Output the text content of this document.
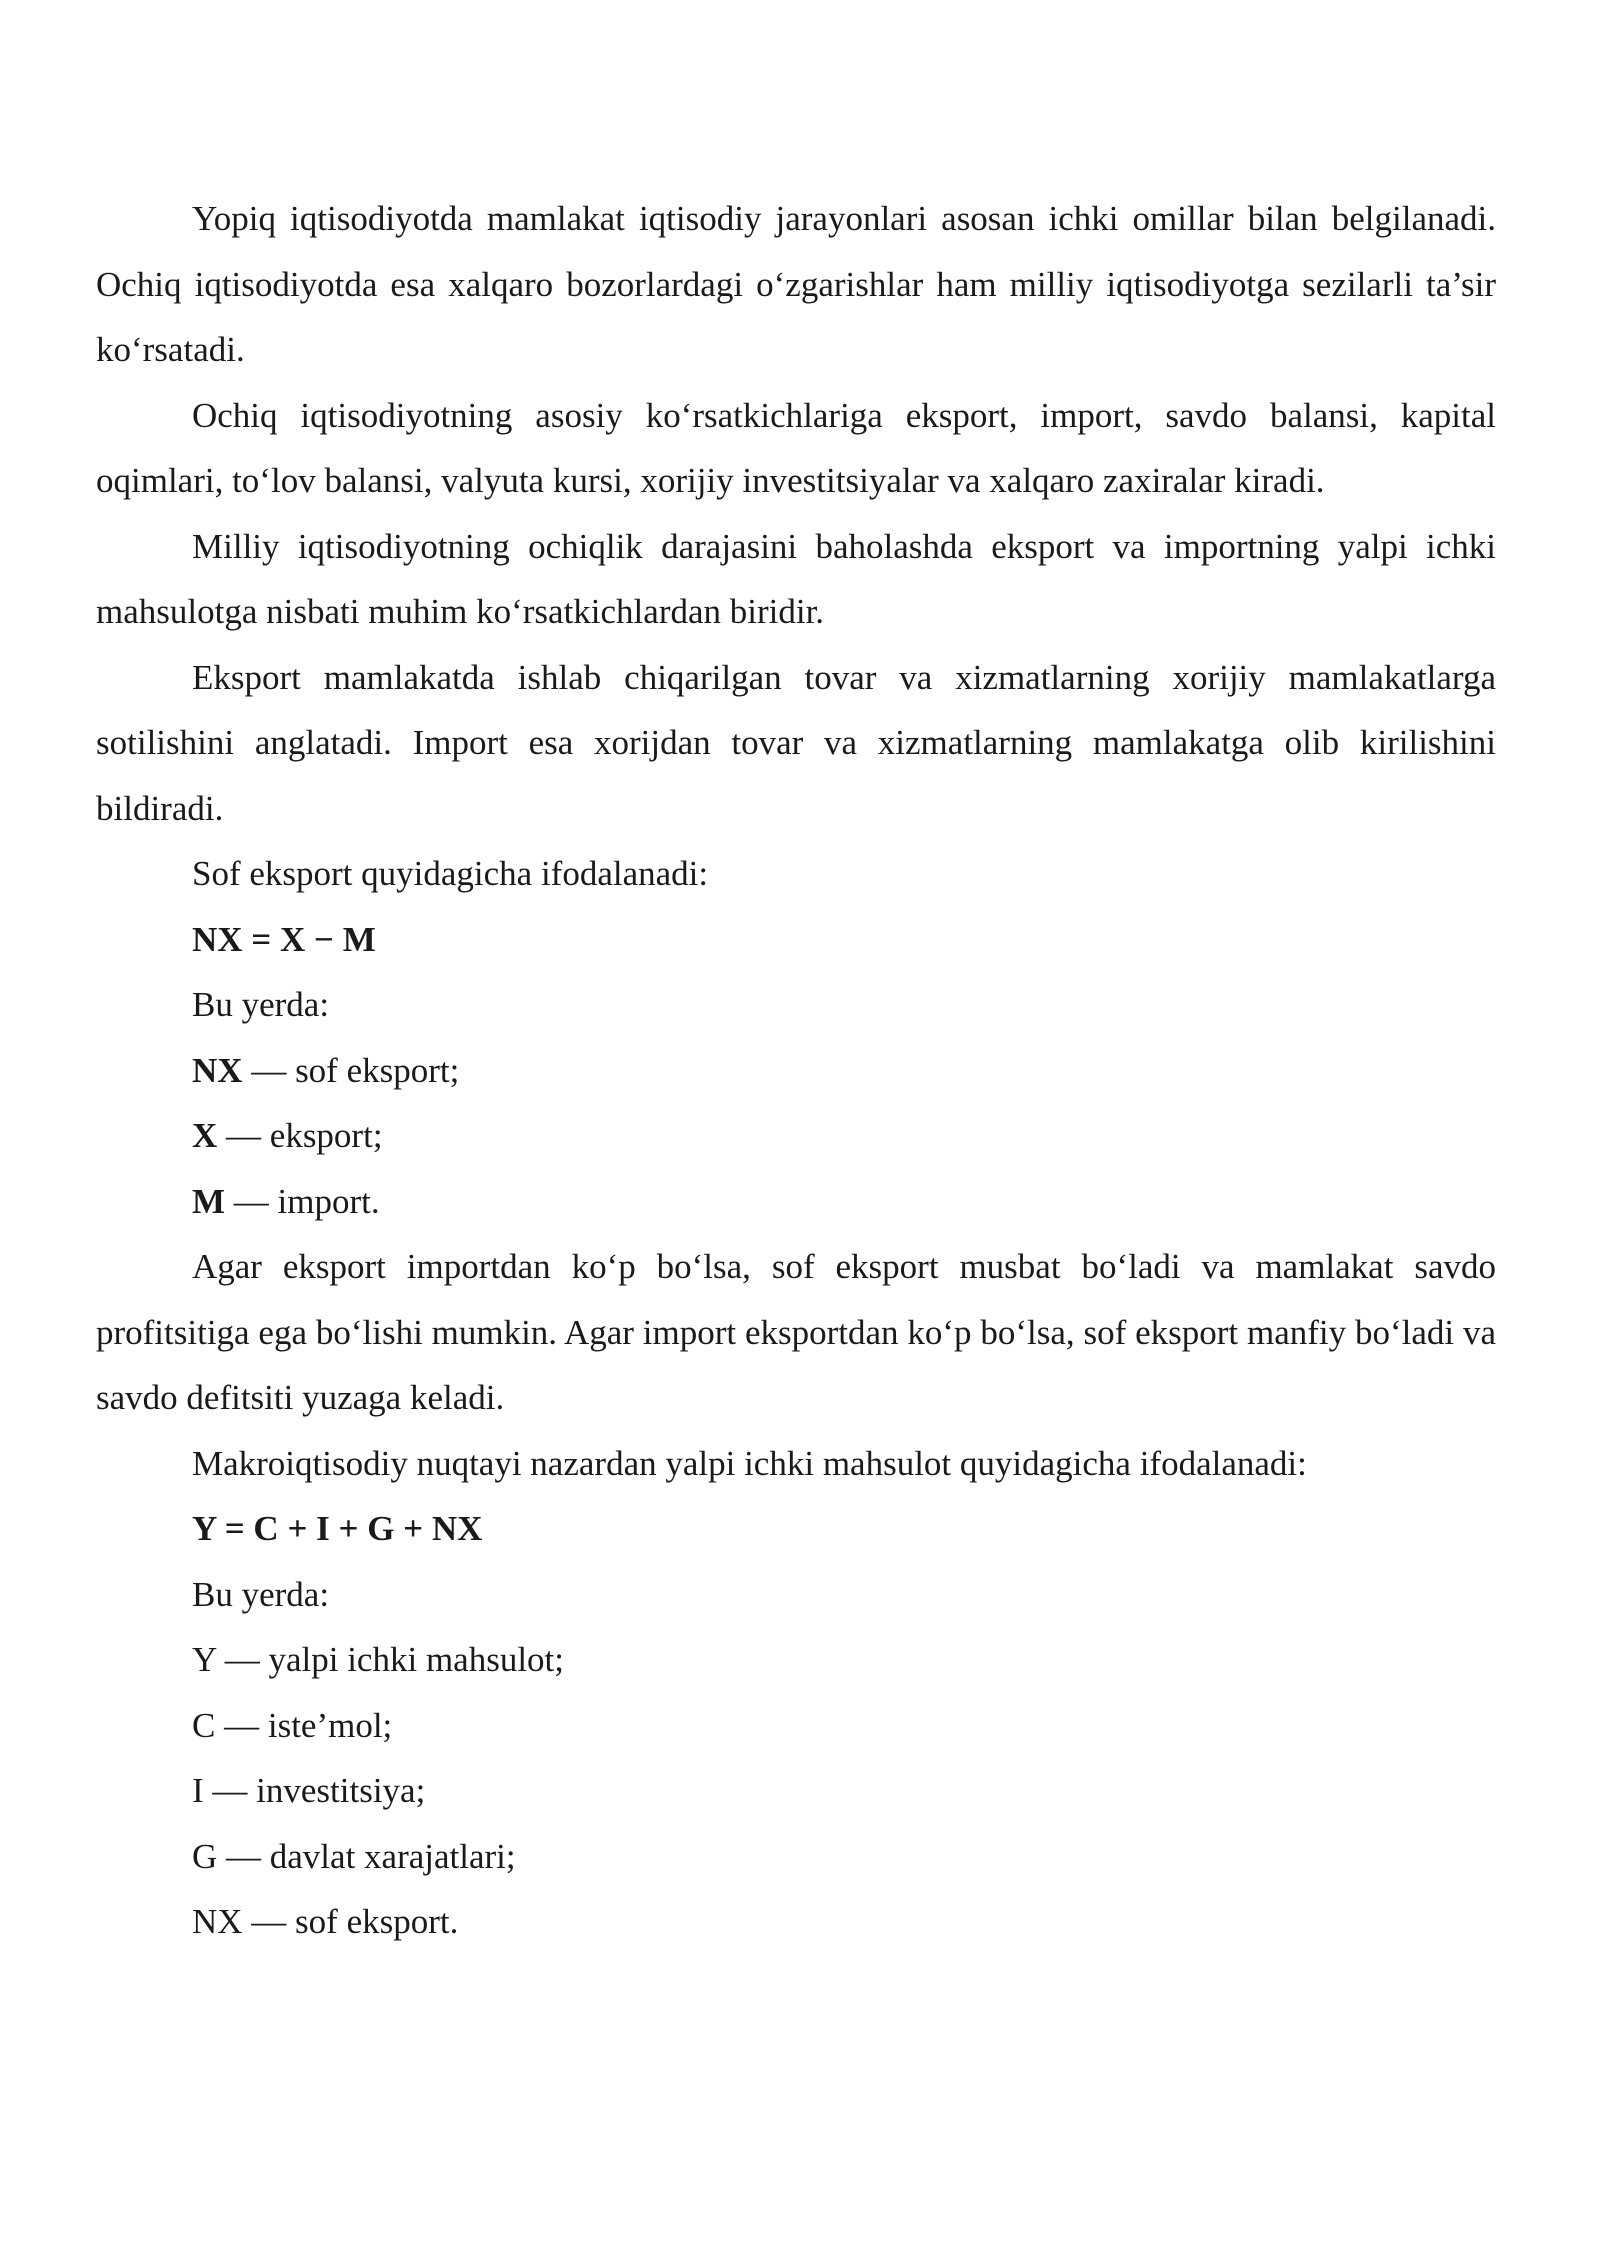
Yopiq iqtisodiyotda mamlakat iqtisodiy jarayonlari asosan ichki omillar bilan belgilanadi. Ochiq iqtisodiyotda esa xalqaro bozorlardagi o‘zgarishlar ham milliy iqtisodiyotga sezilarli ta’sir ko‘rsatadi.

Ochiq iqtisodiyotning asosiy ko‘rsatkichlariga eksport, import, savdo balansi, kapital oqimlari, to‘lov balansi, valyuta kursi, xorijiy investitsiyalar va xalqaro zaxiralar kiradi.

Milliy iqtisodiyotning ochiqlik darajasini baholashda eksport va importning yalpi ichki mahsulotga nisbati muhim ko‘rsatkichlardan biridir.

Eksport mamlakatda ishlab chiqarilgan tovar va xizmatlarning xorijiy mamlakatlarga sotilishini anglatadi. Import esa xorijdan tovar va xizmatlarning mamlakatga olib kirilishini bildiradi.

Sof eksport quyidagicha ifodalanadi:

NX = X − M

Bu yerda:

NX — sof eksport;

X — eksport;

M — import.

Agar eksport importdan ko‘p bo‘lsa, sof eksport musbat bo‘ladi va mamlakat savdo profitsitiga ega bo‘lishi mumkin. Agar import eksportdan ko‘p bo‘lsa, sof eksport manfiy bo‘ladi va savdo defitsiti yuzaga keladi.

Makroiqtisodiy nuqtayi nazardan yalpi ichki mahsulot quyidagicha ifodalanadi:

Y = C + I + G + NX

Bu yerda:

Y — yalpi ichki mahsulot;

C — iste’mol;

I — investitsiya;

G — davlat xarajatlari;

NX — sof eksport.
